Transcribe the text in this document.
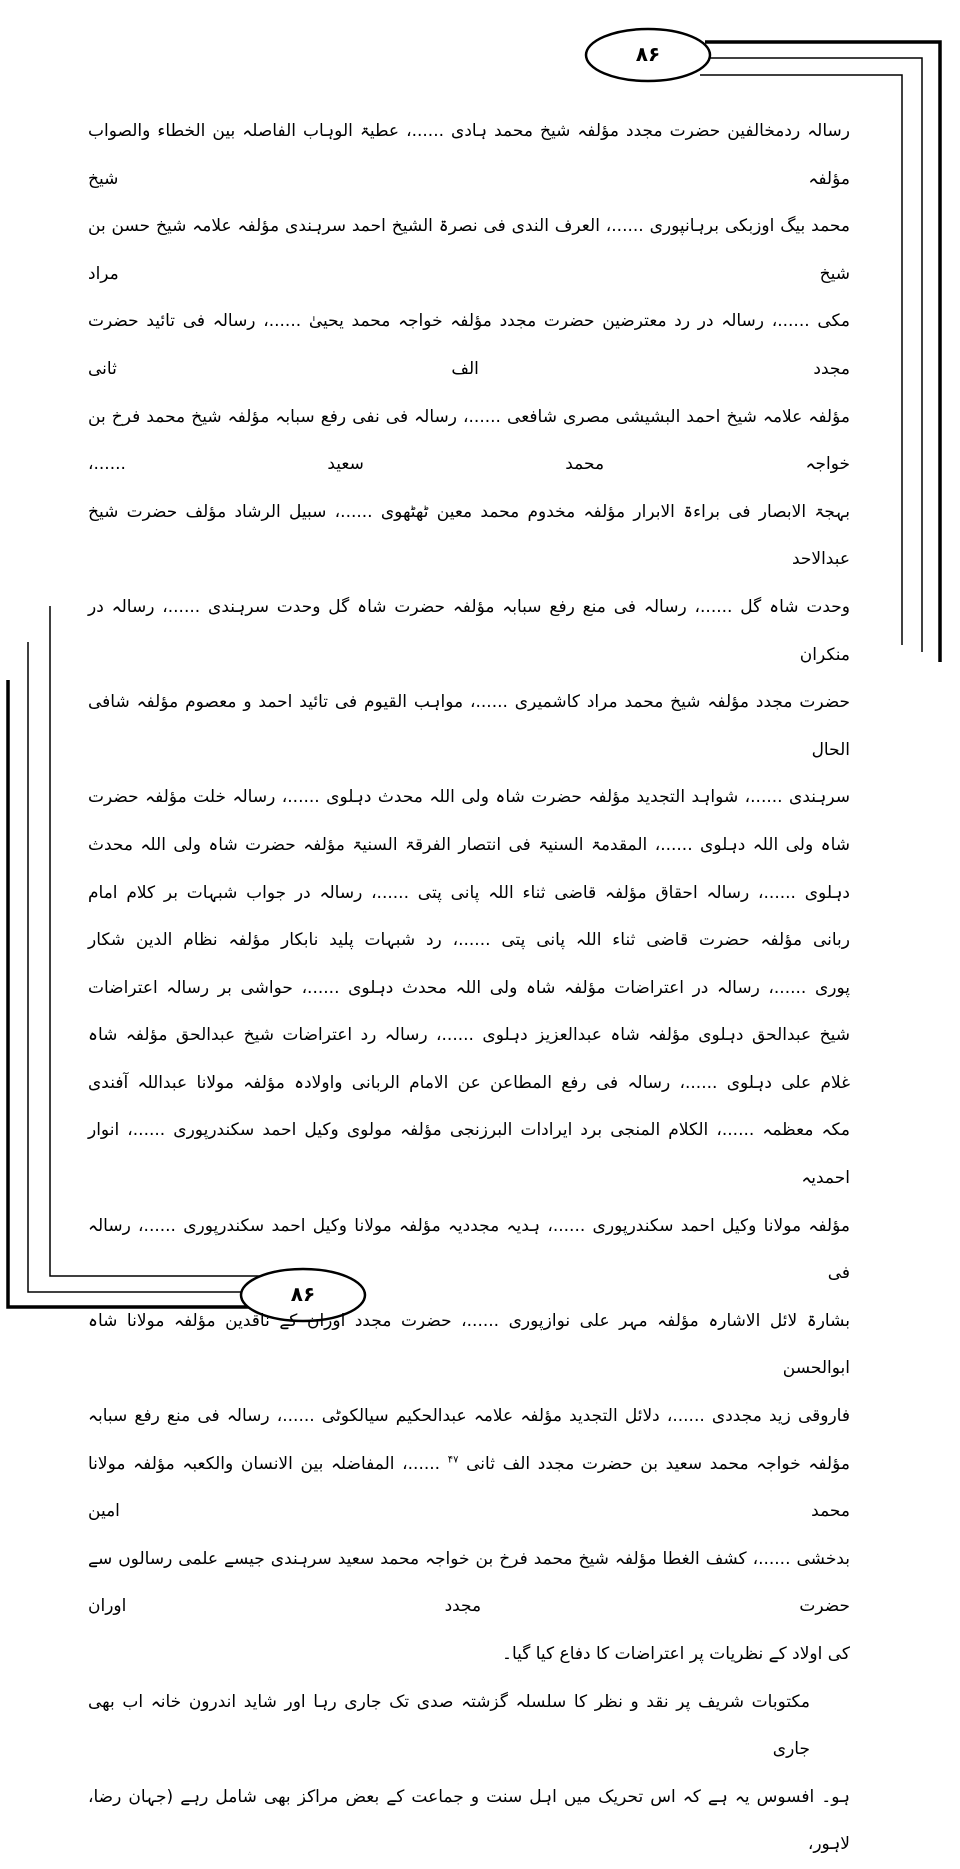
۸۶
۸۶
رسالہ ردمخالفین حضرت مجدد مؤلفہ شیخ محمد ہادی ......، عطیۃ الوہاب الفاصلہ بین الخطاء والصواب مؤلفہ شیخ
محمد بیگ اوزبکی برہانپوری ......، العرف الندی فی نصرۃ الشیخ احمد سرہندی مؤلفہ علامہ شیخ حسن بن شیخ مراد
مکی ......، رسالہ در رد معترضین حضرت مجدد مؤلفہ خواجہ محمد یحییٰ ......، رسالہ فی تائید حضرت مجدد الف ثانی
مؤلفہ علامہ شیخ احمد البشیشی مصری شافعی ......، رسالہ فی نفی رفع سبابہ مؤلفہ شیخ محمد فرخ بن خواجہ محمد سعید ......،
بہجۃ الابصار فی براءۃ الابرار مؤلفہ مخدوم محمد معین ٹھٹھوی ......، سبیل الرشاد مؤلف حضرت شیخ عبدالاحد
وحدت شاہ گل ......، رسالہ فی منع رفع سبابہ مؤلفہ حضرت شاہ گل وحدت سرہندی ......، رسالہ در منکران
حضرت مجدد مؤلفہ شیخ محمد مراد کاشمیری ......، مواہب القیوم فی تائید احمد و معصوم مؤلفہ شافی الحال
سرہندی ......، شواہد التجدید مؤلفہ حضرت شاہ ولی اللہ محدث دہلوی ......، رسالہ خلت مؤلفہ حضرت
شاہ ولی اللہ دہلوی ......، المقدمۃ السنیۃ فی انتصار الفرقۃ السنیۃ مؤلفہ حضرت شاہ ولی اللہ محدث
دہلوی ......، رسالہ احقاق مؤلفہ قاضی ثناء اللہ پانی پتی ......، رسالہ در جواب شبہات بر کلام امام
ربانی مؤلفہ حضرت قاضی ثناء اللہ پانی پتی ......، رد شبہات پلید نابکار مؤلفہ نظام الدین شکار
پوری ......، رسالہ در اعتراضات مؤلفہ شاہ ولی اللہ محدث دہلوی ......، حواشی بر رسالہ اعتراضات
شیخ عبدالحق دہلوی مؤلفہ شاہ عبدالعزیز دہلوی ......، رسالہ رد اعتراضات شیخ عبدالحق مؤلفہ شاہ
غلام علی دہلوی ......، رسالہ فی رفع المطاعن عن الامام الربانی واولادہ مؤلفہ مولانا عبداللہ آفندی
مکہ معظمہ ......، الکلام المنجی برد ایرادات البرزنجی مؤلفہ مولوی وکیل احمد سکندرپوری ......، انوار احمدیہ
مؤلفہ مولانا وکیل احمد سکندرپوری ......، ہدیہ مجددیہ مؤلفہ مولانا وکیل احمد سکندرپوری ......، رسالہ فی
بشارۃ لائل الاشارہ مؤلفہ مہر علی نوازپوری ......، حضرت مجدد اوران کے ناقدین مؤلفہ مولانا شاہ ابوالحسن
فاروقی زید مجددی ......، دلائل التجدید مؤلفہ علامہ عبدالحکیم سیالکوٹی ......، رسالہ فی منع رفع سبابہ
مؤلفہ خواجہ محمد سعید بن حضرت مجدد الف ثانی $^{۴۷}$ ......، المفاضلہ بین الانسان والکعبہ مؤلفہ مولانا محمد امین
بدخشی ......، کشف الغطا مؤلفہ شیخ محمد فرخ بن خواجہ محمد سعید سرہندی جیسے علمی رسالوں سے حضرت مجدد اوران
کی اولاد کے نظریات پر اعتراضات کا دفاع کیا گیا۔
مکتوبات شریف پر نقد و نظر کا سلسلہ گزشتہ صدی تک جاری رہا اور شاید اندرون خانہ اب بھی جاری
ہو۔ افسوس یہ ہے کہ اس تحریک میں اہل سنت و جماعت کے بعض مراکز بھی شامل رہے (جہان رضا، لاہور،
